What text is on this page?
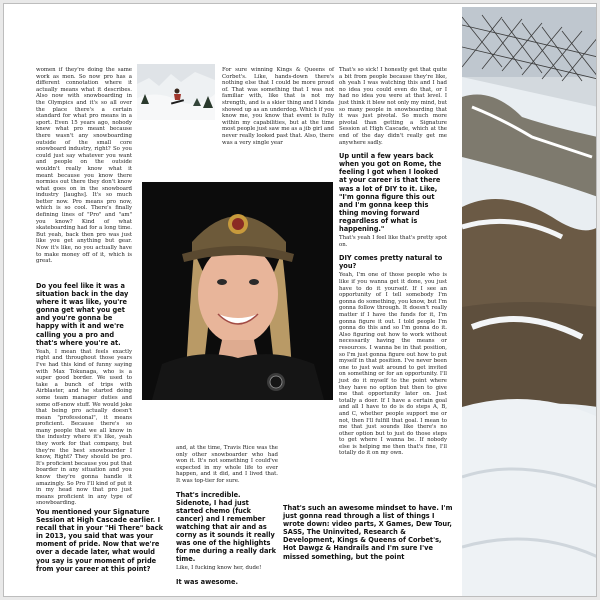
women if they're doing the same work as men. So now pro has a different connotation where it actually means what it describes. Also now with snowboarding in the Olympics and it's so all over the place there's a certain standard for what pro means in a sport. Even 15 years ago, nobody knew what pro meant because there wasn't any snowboarding outside of the small core snowboard industry, right? So you could just say whatever you want and people on the outside wouldn't really know what it meant because you know there normies out there they don't know what goes on in the snowboard industry [laughs]. It's so much better now. Pro means pro now, which is so cool. There's finally defining lines of "Pro" and "am" you know? Kind of what skateboarding had for a long time. But yeah, back then pro was just like you get anything but gear. Now it's like, no you actually have to make money off of it, which is great.

Do you feel like it was a situation back in the day where it was like, you're gonna get what you get and you're gonna be happy with it and we're calling you a pro and that's where you're at.

Yeah, I mean that feels exactly right and throughout those years I've had this kind of funny saying with Max Tokunaga, who is a super good border. We used to take a bunch of trips with Airblaster, and he started doing some team manager duties and some off-snow stuff. We would joke that being pro actually doesn't mean "professional", it means proficient. Because there's so many people that we all know in the industry where it's like, yeah they work for that company, but they're the best snowboarder I know, Right? They should be pro. It's proficient because you put that boarder in any situation and you know they're gonna handle it amazingly. So Pro I'll kind of put it in my head now that pro just means proficient in any type of snowboarding.

You mentioned your Signature Session at High Cascade earlier. I recall that in your "Hi There" back in 2013, you said that was your moment of pride. Now that we're over a decade later, what would you say is your moment of pride from your career at this point?

For sure winning Kings & Queens of Corbet's. Like, hands-down there's nothing else that I could be more proud of. That was something that I was not familiar with, like that is not my strength, and is a skier thing and I kinda showed up as an underdog. Which if you know me, you know that event is fully within my capabilities, but at the time most people just saw me as a jib girl and never really looked past that. Also, there was a very single year

and, at the time, Travis Rice was the only other snowboarder who had won it. It's not something I could've expected in my whole life to ever happen, and it did, and I lived that. It was top-tier for sure.

That's incredible. Sidenote, I had just started chemo (fuck cancer) and I remember watching that air and as corny as it sounds it really was one of the highlights for me during a really dark time.

Like, I fucking know her, dude!

It was awesome.

That's so sick! I honestly get that quite a bit from people because they're like, oh yeah I was watching this and I had no idea you could even do that, or I had no idea you were at that level. I just think it blew not only my mind, but so many people in snowboarding that it was just pivotal. So much more pivotal than getting a Signature Session at High Cascade, which at the end of the day didn't really get me anywhere sadly.

Up until a few years back when you got on Rome, the feeling I got when I looked at your career is that there was a lot of DIY to it. Like, "I'm gonna figure this out and I'm gonna keep this thing moving forward regardless of what is happening."

That's yeah I feel like that's pretty spot on.

DIY comes pretty natural to you?

Yeah, I'm one of those people who is like if you wanna get it done, you just have to do it yourself. If I see an opportunity of I tell somebody I'm gonna do something, you know, but I'm gonna follow through. It doesn't really matter if I have the funds for it, I'm gonna figure it out. I told people I'm gonna do this and so I'm gonna do it. Also figuring out how to work without necessarily having the means or resources. I wanna be in that position, so I'm just gonna figure out how to put myself in that position. I've never been one to just wait around to get invited on something or for an opportunity. I'll just do it myself to the point where they have no option but then to give me that opportunity later on. Just totally a doer. If I have a certain goal and all I have to do is do steps A, B, and C, whether people support me or not, then I'll fulfill that goal. I mean to me that just sounds like there's no other option but to just do those steps to get where I wanna be. If nobody else is helping me then that's fine, I'll totally do it on my own.

That's such an awesome mindset to have. I'm just gonna read through a list of things I wrote down: video parts, X Games, Dew Tour, SASS, The Uninvited, Research & Development, Kings & Queens of Corbet's, Hot Dawgz & Handrails and I'm sure I've missed something, but the point
